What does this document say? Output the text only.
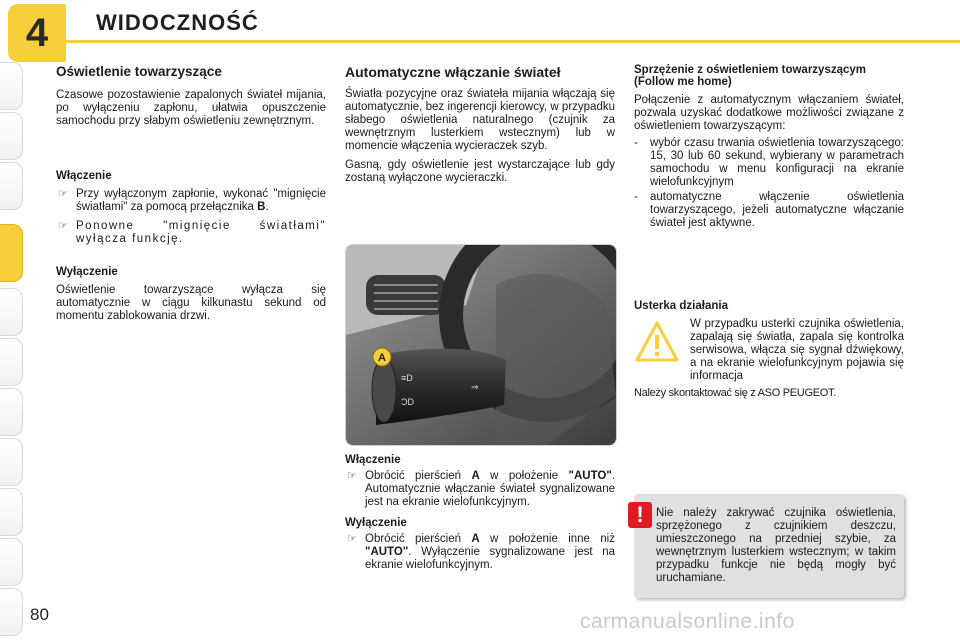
4 WIDOCZNOŚĆ
Oświetlenie towarzyszące

Czasowe pozostawienie zapalonych świateł mijania, po wyłączeniu zapłonu, ułatwia opuszczenie samochodu przy słabym oświetleniu zewnętrznym.

Włączenie
☞ Przy wyłączonym zapłonie, wykonać "mignięcie światłami" za pomocą przełącznika B.
☞ Ponowne "mignięcie światłami" wyłącza funkcję.
Wyłączenie

Oświetlenie towarzyszące wyłącza się automatycznie w ciągu kilkunastu sekund od momentu zablokowania drzwi.

Automatyczne włączanie świateł

Światła pozycyjne oraz świateła mijania włączają się automatycznie, bez ingerencji kierowcy, w przypadku słabego oświetlenia naturalnego (czujnik za wewnętrznym lusterkiem wstecznym) lub w momencie włączenia wycieraczek szyb.

Gasną, gdy oświetlenie jest wystarczające lub gdy zostaną wyłączone wycieraczki.

≡D
ƆD
⇒
A
Włączenie
☞ Obrócić pierścień A w położenie "AUTO". Automatycznie włączanie świateł sygnalizowane jest na ekranie wielofunkcyjnym.
Wyłączenie
☞ Obrócić pierścień A w położenie inne niż "AUTO". Wyłączenie sygnalizowane jest na ekranie wielofunkcyjnym.
Sprzężenie z oświetleniem towarzyszącym (Follow me home)

Połączenie z automatycznym włączaniem świateł, pozwala uzyskać dodatkowe możliwości związane z oświetleniem towarzyszącym:

- wybór czasu trwania oświetlenia towarzyszącego: 15, 30 lub 60 sekund, wybierany w parametrach samochodu w menu konfiguracji na ekranie wielofunkcyjnym
- automatyczne włączenie oświetlenia towarzyszącego, jeżeli automatyczne włączanie świateł jest aktywne.
Usterka działania

W przypadku usterki czujnika oświetlenia, zapalają się światła, zapala się kontrolka serwisowa, włącza się sygnał dźwiękowy, a na ekranie wielofunkcyjnym pojawia się informacja

Należy skontaktować się z ASO PEUGEOT.

!	Nie należy zakrywać czujnika oświetlenia, sprzężonego z czujnikiem deszczu, umieszczonego na przedniej szybie, za wewnętrznym lusterkiem wstecznym; w takim przypadku funkcje nie będą mogły być uruchamiane.

80	carmanualsonline.info
